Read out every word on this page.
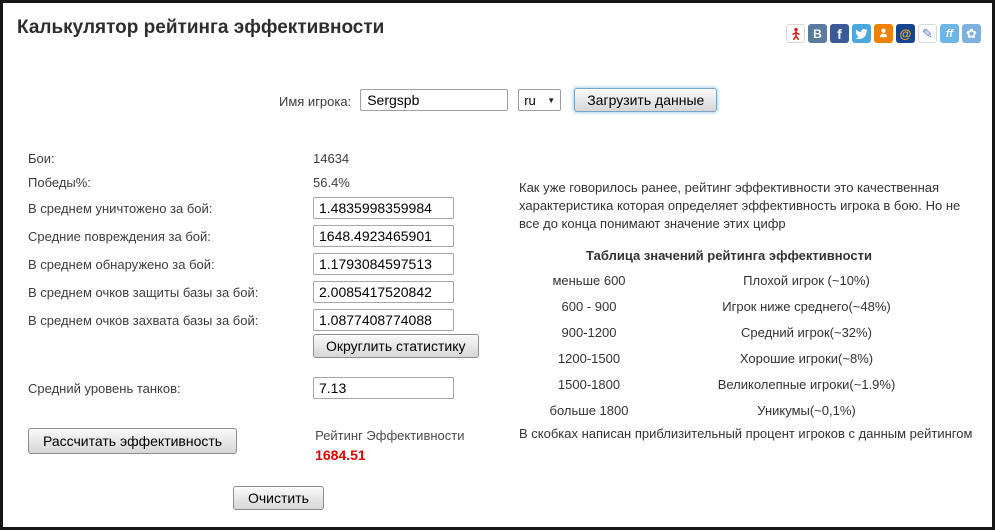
Калькулятор рейтинга эффективности	В	f	@ ✎	ff ✿
Имя игрока:
Sergspb	ru ▼	Загрузить данные
Бои:	14634
Победы%:	56.4%
В среднем уничтожено за бой:
1.4835998359984
Средние повреждения за бой:
1648.4923465901
В среднем обнаружено за бой:
1.1793084597513
В среднем очков защиты базы за бой:
2.0085417520842
В среднем очков захвата базы за бой:
1.0877408774088
Округлить статистику
Средний уровень танков:
7.13
Рассчитать эффективность	Рейтинг Эффективности
1684.51
Очистить
Как уже говорилось ранее, рейтинг эффективности это качественная характеристика которая определяет эффективность игрока в бою. Но не все до конца понимают значение этих цифр
Таблица значений рейтинга эффективности
меньше 600	Плохой игрок (~10%)
600 - 900	Игрок ниже среднего(~48%)
900-1200	Средний игрок(~32%)
1200-1500	Хорошие игроки(~8%)
1500-1800	Великолепные игроки(~1.9%)
больше 1800	Уникумы(~0,1%)
В скобках написан приблизительный процент игроков с данным рейтингом
